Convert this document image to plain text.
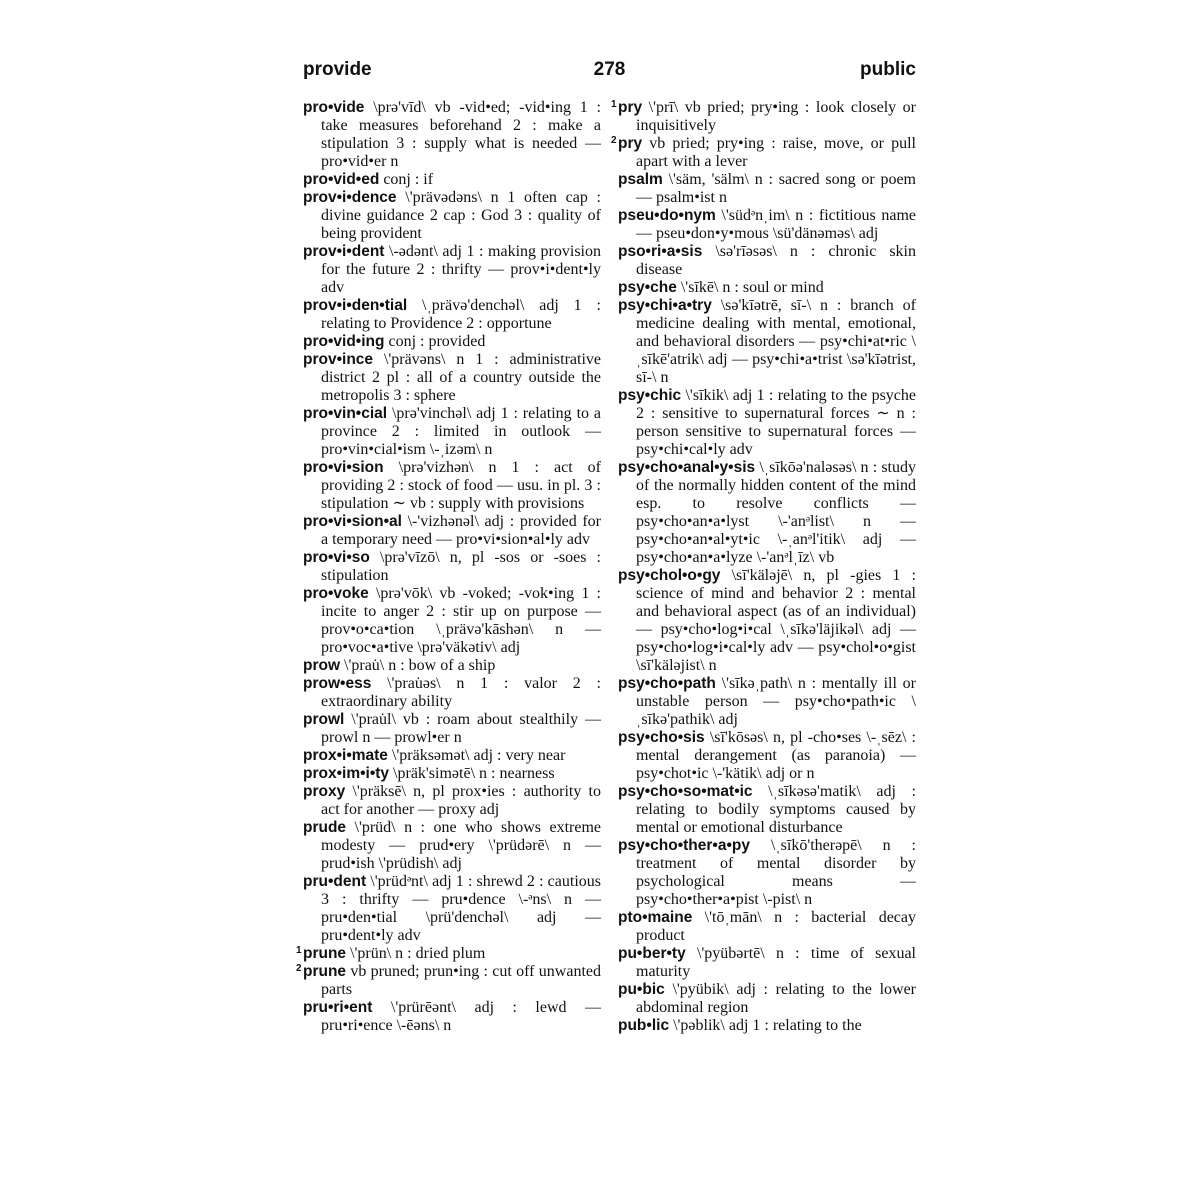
provide	278	public

pro•vide \prə'vīd\ vb -vid•ed; -vid•ing 1 : take measures beforehand 2 : make a stipulation 3 : supply what is needed — pro•vid•er n

pro•vid•ed conj : if

prov•i•dence \'prävədəns\ n 1 often cap : divine guidance 2 cap : God 3 : quality of being provident

prov•i•dent \-ədənt\ adj 1 : making provision for the future 2 : thrifty — prov•i•dent•ly adv

prov•i•den•tial \ˌprävə'denchəl\ adj 1 : relating to Providence 2 : opportune

pro•vid•ing conj : provided

prov•ince \'prävəns\ n 1 : administrative district 2 pl : all of a country outside the metropolis 3 : sphere

pro•vin•cial \prə'vinchəl\ adj 1 : relating to a province 2 : limited in outlook — pro•vin•cial•ism \-ˌizəm\ n

pro•vi•sion \prə'vizhən\ n 1 : act of providing 2 : stock of food — usu. in pl. 3 : stipulation ∼ vb : supply with provisions

pro•vi•sion•al \-'vizhənəl\ adj : provided for a temporary need — pro•vi•sion•al•ly adv

pro•vi•so \prə'vīzō\ n, pl -sos or -soes : stipulation

pro•voke \prə'vōk\ vb -voked; -vok•ing 1 : incite to anger 2 : stir up on purpose — prov•o•ca•tion \ˌprävə'kāshən\ n — pro•voc•a•tive \prə'väkətiv\ adj

prow \'prau̇\ n : bow of a ship

prow•ess \'prau̇əs\ n 1 : valor 2 : extraordinary ability

prowl \'prau̇l\ vb : roam about stealthily — prowl n — prowl•er n

prox•i•mate \'präksəmət\ adj : very near

prox•im•i•ty \präk'simətē\ n : nearness

proxy \'präksē\ n, pl prox•ies : authority to act for another — proxy adj

prude \'prüd\ n : one who shows extreme modesty — prud•ery \'prüdərē\ n — prud•ish \'prüdish\ adj

pru•dent \'prüdᵊnt\ adj 1 : shrewd 2 : cautious 3 : thrifty — pru•dence \-ᵊns\ n — pru•den•tial \prü'denchəl\ adj — pru•dent•ly adv

1 prune \'prün\ n : dried plum

2 prune vb pruned; prun•ing : cut off unwanted parts

pru•ri•ent \'prürēənt\ adj : lewd — pru•ri•ence \-ēəns\ n

1 pry \'prī\ vb pried; pry•ing : look closely or inquisitively

2 pry vb pried; pry•ing : raise, move, or pull apart with a lever

psalm \'säm, 'sälm\ n : sacred song or poem — psalm•ist n

pseu•do•nym \'südᵊnˌim\ n : fictitious name — pseu•don•y•mous \sü'dänəməs\ adj

pso•ri•a•sis \sə'rīəsəs\ n : chronic skin disease

psy•che \'sīkē\ n : soul or mind

psy•chi•a•try \sə'kīətrē, sī-\ n : branch of medicine dealing with mental, emotional, and behavioral disorders — psy•chi•at•ric \ˌsīkē'atrik\ adj — psy•chi•a•trist \sə'kīətrist, sī-\ n

psy•chic \'sīkik\ adj 1 : relating to the psyche 2 : sensitive to supernatural forces ∼ n : person sensitive to supernatural forces — psy•chi•cal•ly adv

psy•cho•anal•y•sis \ˌsīkōə'naləsəs\ n : study of the normally hidden content of the mind esp. to resolve conflicts — psy•cho•an•a•lyst \-'anᵊlist\ n — psy•cho•an•al•yt•ic \-ˌanᵊl'itik\ adj — psy•cho•an•a•lyze \-'anᵊlˌīz\ vb

psy•chol•o•gy \sī'käləjē\ n, pl -gies 1 : science of mind and behavior 2 : mental and behavioral aspect (as of an individual) — psy•cho•log•i•cal \ˌsīkə'läjikəl\ adj — psy•cho•log•i•cal•ly adv — psy•chol•o•gist \sī'käləjist\ n

psy•cho•path \'sīkəˌpath\ n : mentally ill or unstable person — psy•cho•path•ic \ˌsīkə'pathik\ adj

psy•cho•sis \sī'kōsəs\ n, pl -cho•ses \-ˌsēz\ : mental derangement (as paranoia) — psy•chot•ic \-'kätik\ adj or n

psy•cho•so•mat•ic \ˌsīkəsə'matik\ adj : relating to bodily symptoms caused by mental or emotional disturbance

psy•cho•ther•a•py \ˌsīkō'therəpē\ n : treatment of mental disorder by psychological means — psy•cho•ther•a•pist \-pist\ n

pto•maine \'tōˌmān\ n : bacterial decay product

pu•ber•ty \'pyübərtē\ n : time of sexual maturity

pu•bic \'pyübik\ adj : relating to the lower abdominal region

pub•lic \'pəblik\ adj 1 : relating to the
